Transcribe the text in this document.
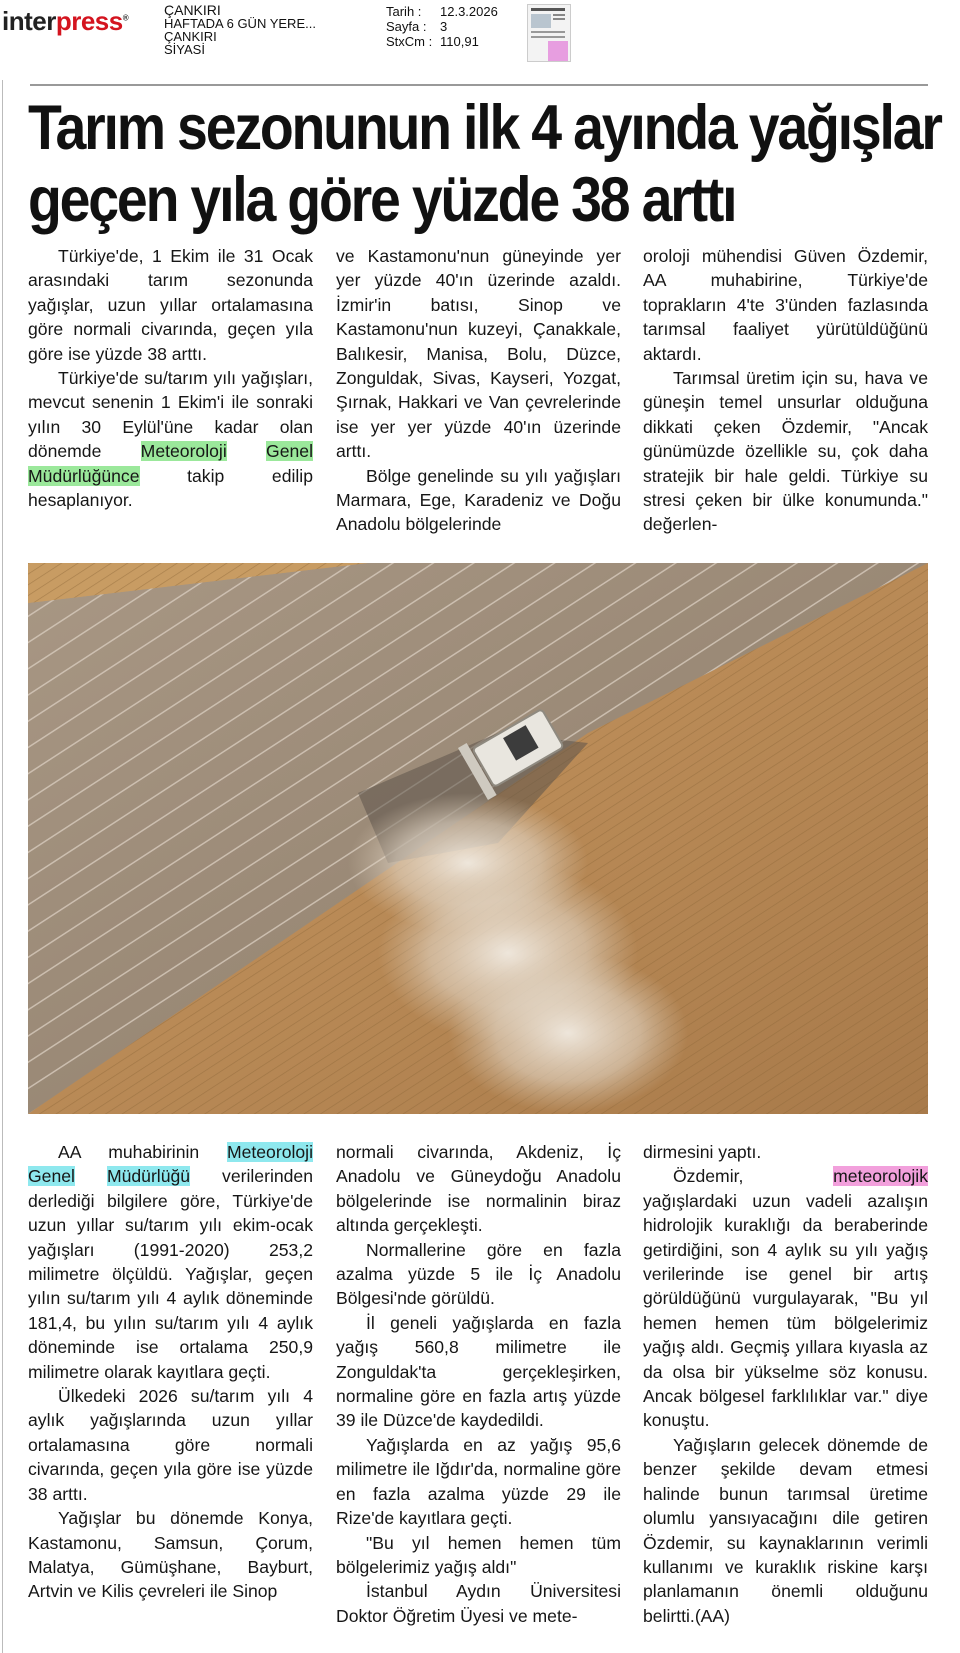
interpress®	ÇANKIRI
HAFTADA 6 GÜN YERE...
ÇANKIRI
SİYASİ
Tarih :	12.3.2026
Sayfa :	3
StxCm : 110,91
Tarım sezonunun ilk 4 ayında yağışlar
geçen yıla göre yüzde 38 arttı

Türkiye'de, 1 Ekim ile 31 Ocak arasındaki tarım sezonunda yağışlar, uzun yıllar ortalamasına göre normali civarında, geçen yıla göre ise yüzde 38 arttı.

Türkiye'de su/tarım yılı yağışları, mevcut senenin 1 Ekim'i ile sonraki yılın 30 Eylül'üne kadar olan dönemde Meteoroloji Genel Müdürlüğünce takip edilip hesaplanıyor.

ve Kastamonu'nun güneyinde yer yer yüzde 40'ın üzerinde azaldı. İzmir'in batısı, Sinop ve Kastamonu'nun kuzeyi, Çanakkale, Balıkesir, Manisa, Bolu, Düzce, Zonguldak, Sivas, Kayseri, Yozgat, Şırnak, Hakkari ve Van çevrelerinde ise yer yer yüzde 40'ın üzerinde arttı.

Bölge genelinde su yılı yağışları Marmara, Ege, Karadeniz ve Doğu Anadolu bölgelerinde

oroloji mühendisi Güven Özdemir, AA muhabirine, Türkiye'de toprakların 4'te 3'ünden fazlasında tarımsal faaliyet yürütüldüğünü aktardı.

Tarımsal üretim için su, hava ve güneşin temel unsurlar olduğuna dikkati çeken Özdemir, "Ancak günümüzde özellikle su, çok daha stratejik bir hale geldi. Türkiye su stresi çeken bir ülke konumunda." değerlen-

AA muhabirinin Meteoroloji Genel Müdürlüğü verilerinden derlediği bilgilere göre, Türkiye'de uzun yıllar su/tarım yılı ekim-ocak yağışları (1991-2020) 253,2 milimetre ölçüldü. Yağışlar, geçen yılın su/tarım yılı 4 aylık döneminde 181,4, bu yılın su/tarım yılı 4 aylık döneminde ise ortalama 250,9 milimetre olarak kayıtlara geçti.

Ülkedeki 2026 su/tarım yılı 4 aylık yağışlarında uzun yıllar ortalamasına göre normali civarında, geçen yıla göre ise yüzde 38 arttı.

Yağışlar bu dönemde Konya, Kastamonu, Samsun, Çorum, Malatya, Gümüşhane, Bayburt, Artvin ve Kilis çevreleri ile Sinop

normali civarında, Akdeniz, İç Anadolu ve Güneydoğu Anadolu bölgelerinde ise normalinin biraz altında gerçekleşti.

Normallerine göre en fazla azalma yüzde 5 ile İç Anadolu Bölgesi'nde görüldü.

İl geneli yağışlarda en fazla yağış 560,8 milimetre ile Zonguldak'ta gerçekleşirken, normaline göre en fazla artış yüzde 39 ile Düzce'de kaydedildi.

Yağışlarda en az yağış 95,6 milimetre ile Iğdır'da, normaline göre en fazla azalma yüzde 29 ile Rize'de kayıtlara geçti.

"Bu yıl hemen hemen tüm bölgelerimiz yağış aldı"

İstanbul Aydın Üniversitesi Doktor Öğretim Üyesi ve mete-

dirmesini yaptı.

Özdemir, meteorolojik yağışlardaki uzun vadeli azalışın hidrolojik kuraklığı da beraberinde getirdiğini, son 4 aylık su yılı yağış verilerinde ise genel bir artış görüldüğünü vurgulayarak, "Bu yıl hemen hemen tüm bölgelerimiz yağış aldı. Geçmiş yıllara kıyasla az da olsa bir yükselme söz konusu. Ancak bölgesel farklılıklar var." diye konuştu.

Yağışların gelecek dönemde de benzer şekilde devam etmesi halinde bunun tarımsal üretime olumlu yansıyacağını dile getiren Özdemir, su kaynaklarının verimli kullanımı ve kuraklık riskine karşı planlamanın önemli olduğunu belirtti.(AA)
